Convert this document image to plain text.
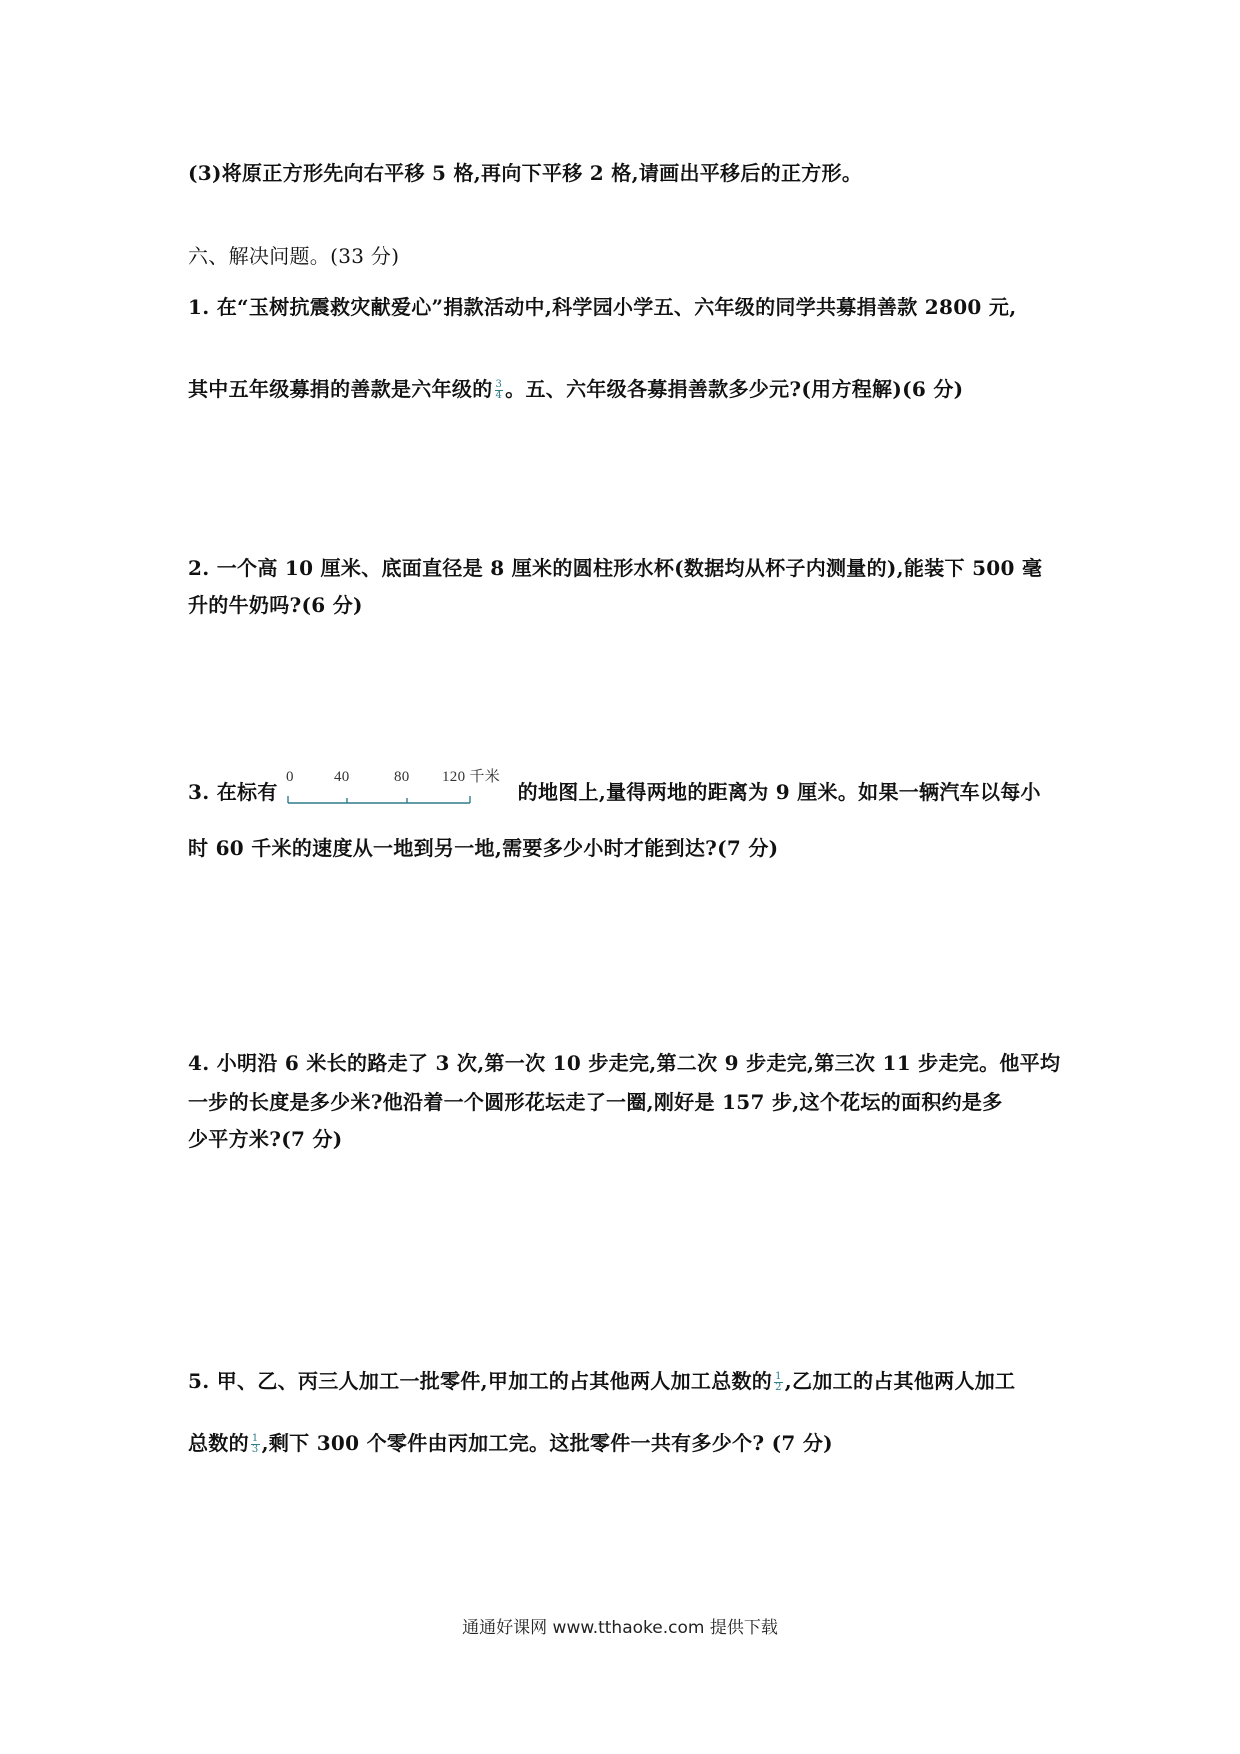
(3)将原正方形先向右平移 5 格,再向下平移 2 格,请画出平移后的正方形。
六、解决问题。(33 分)
1. 在“玉树抗震救灾献爱心”捐款活动中,科学园小学五、六年级的同学共募捐善款 2800 元,
其中五年级募捐的善款是六年级的 $\frac{3}{4}$ 。五、六年级各募捐善款多少元?(用方程解)(6 分)
2. 一个高 10 厘米、底面直径是 8 厘米的圆柱形水杯(数据均从杯子内测量的),能装下 500 毫
升的牛奶吗?(6 分)
3. 在标有
0	40	80 120 千米
的地图上,量得两地的距离为 9 厘米。如果一辆汽车以每小
时 60 千米的速度从一地到另一地,需要多少小时才能到达?(7 分)
4. 小明沿 6 米长的路走了 3 次,第一次 10 步走完,第二次 9 步走完,第三次 11 步走完。他平均
一步的长度是多少米?他沿着一个圆形花坛走了一圈,刚好是 157 步,这个花坛的面积约是多
少平方米?(7 分)
5. 甲、乙、丙三人加工一批零件,甲加工的占其他两人加工总数的 $\frac{1}{2}$ ,乙加工的占其他两人加工
总数的 $\frac{1}{3}$ ,剩下 300 个零件由丙加工完。这批零件一共有多少个? (7 分)
通通好课网 www.tthaoke.com 提供下载
